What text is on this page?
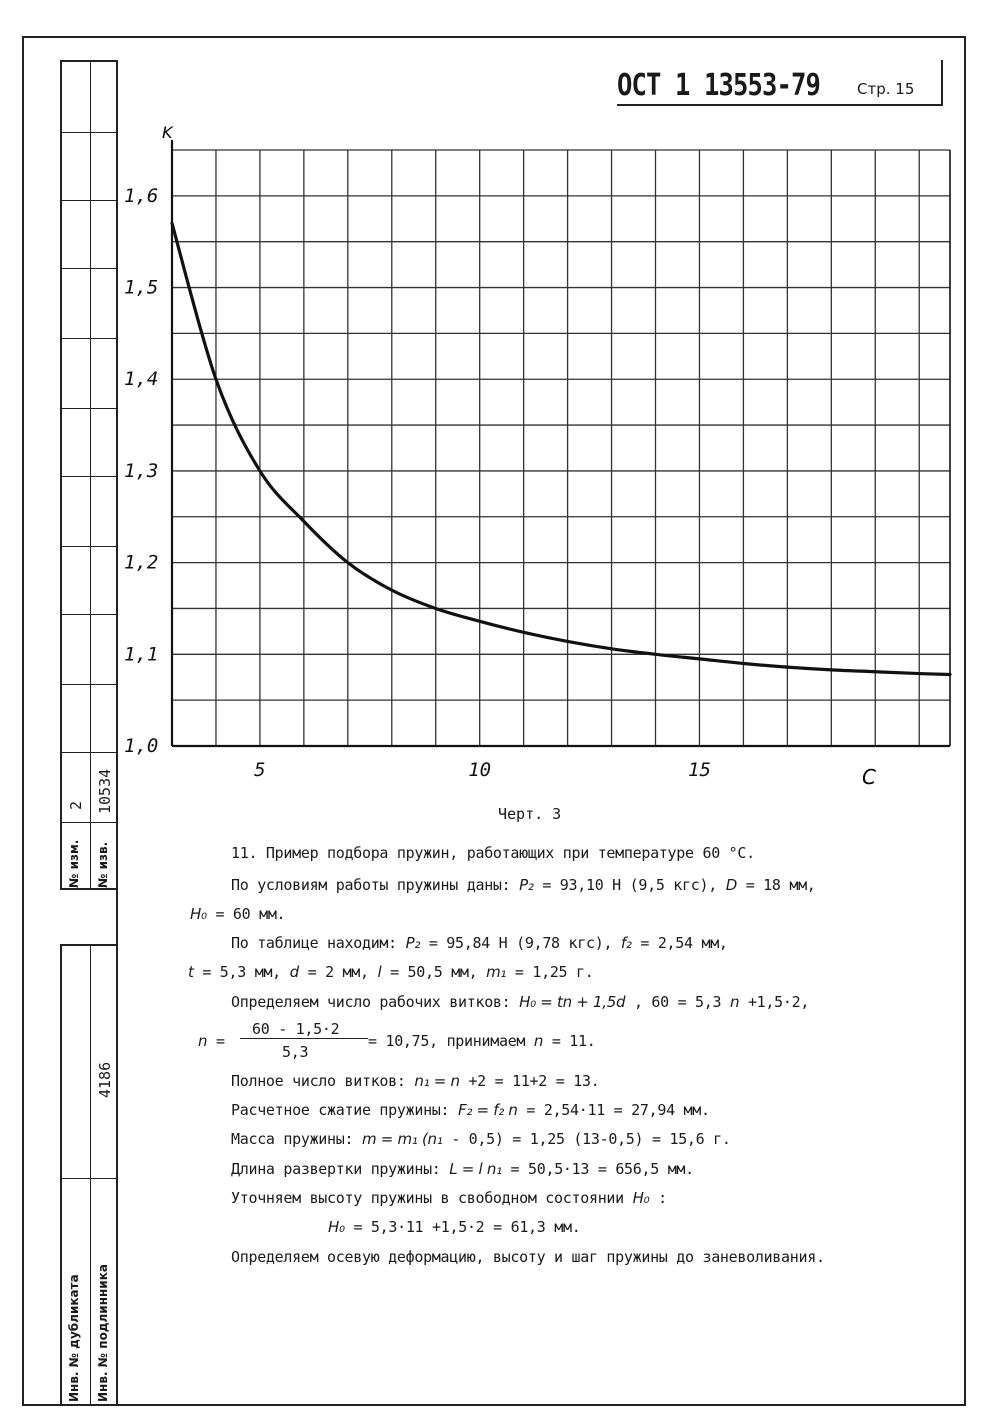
№ изм. № изв.
2 10534
Инв. № дубликата Инв. № подлинника
4186
ОСТ 1 13553-79 Стр. 15
1,0
1,1
1,2
1,3
1,4
1,5
1,6
5	10	15
K
C
Черт. 3
11. Пример подбора пружин, работающих при температуре 60 °С.
По условиям работы пружины даны: P₂ = 93,10 Н (9,5 кгс), D = 18 мм,
H₀ = 60 мм.
По таблице находим: P₂ = 95,84 Н (9,78 кгс), f₂ = 2,54 мм,
t = 5,3 мм, d = 2 мм, l = 50,5 мм, m₁ = 1,25 г.
Определяем число рабочих витков: H₀ = tn + 1,5d , 60 = 5,3 n +1,5·2,
n =
60 - 1,5·2
5,3
= 10,75, принимаем n = 11.
Полное число витков: n₁ = n +2 = 11+2 = 13.
Расчетное сжатие пружины: F₂ = f₂ n = 2,54·11 = 27,94 мм.
Масса пружины: m = m₁ (n₁ - 0,5) = 1,25 (13-0,5) = 15,6 г.
Длина развертки пружины: L = l n₁ = 50,5·13 = 656,5 мм.
Уточняем высоту пружины в свободном состоянии H₀ :
H₀ = 5,3·11 +1,5·2 = 61,3 мм.
Определяем осевую деформацию, высоту и шаг пружины до заневоливания.
